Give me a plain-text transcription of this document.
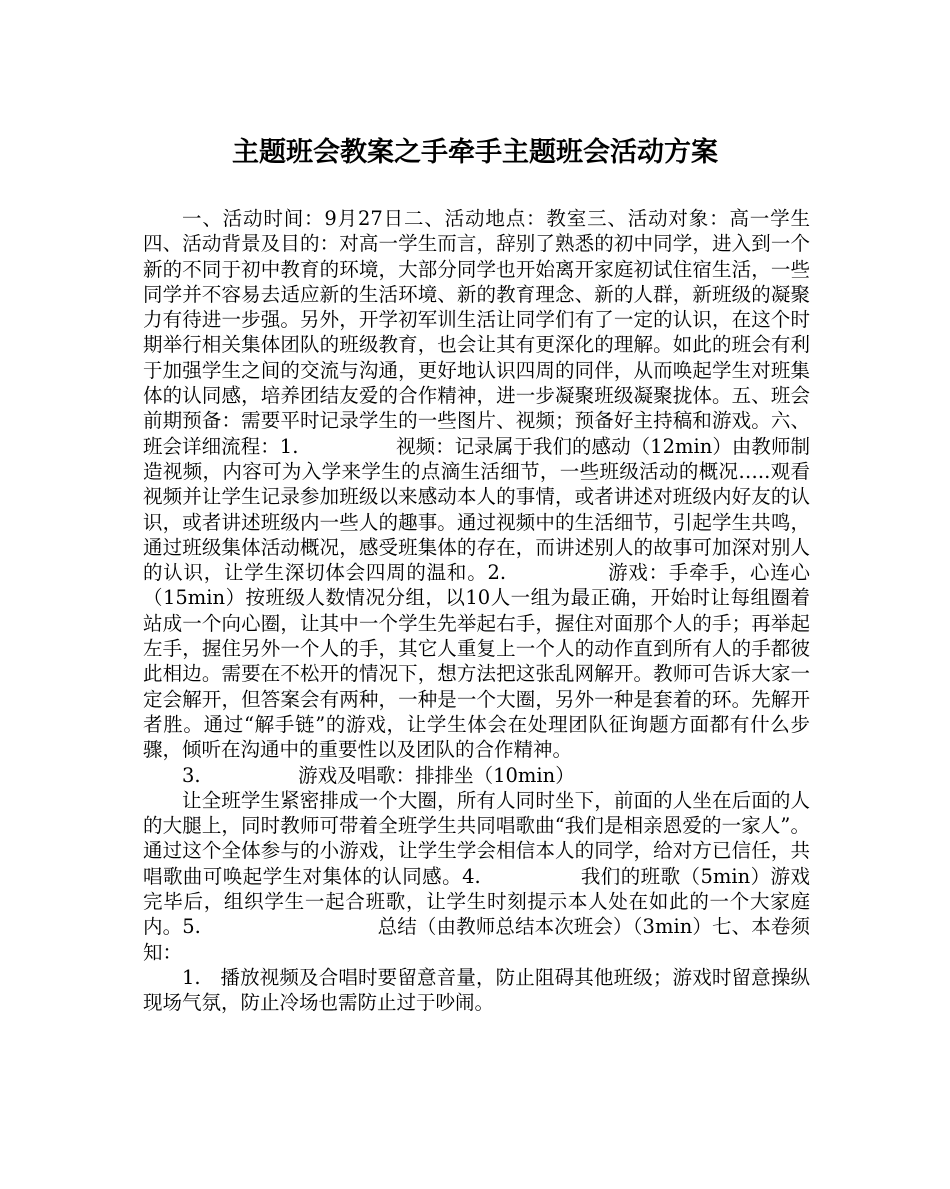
主题班会教案之手牵手主题班会活动方案

一、活动时间：9月27日二、活动地点：教室三、活动对象：高一学生四、活动背景及目的：对高一学生而言，辞别了熟悉的初中同学，进入到一个新的不同于初中教育的环境，大部分同学也开始离开家庭初试住宿生活，一些同学并不容易去适应新的生活环境、新的教育理念、新的人群，新班级的凝聚力有待进一步强。另外，开学初军训生活让同学们有了一定的认识，在这个时期举行相关集体团队的班级教育，也会让其有更深化的理解。如此的班会有利于加强学生之间的交流与沟通，更好地认识四周的同伴，从而唤起学生对班集体的认同感，培养团结友爱的合作精神，进一步凝聚班级凝聚拢体。五、班会前期预备：需要平时记录学生的一些图片、视频；预备好主持稿和游戏。六、班会详细流程：1.　　　　　视频：记录属于我们的感动（12min）由教师制造视频，内容可为入学来学生的点滴生活细节，一些班级活动的概况…..观看视频并让学生记录参加班级以来感动本人的事情，或者讲述对班级内好友的认识，或者讲述班级内一些人的趣事。通过视频中的生活细节，引起学生共鸣，通过班级集体活动概况，感受班集体的存在，而讲述别人的故事可加深对别人的认识，让学生深切体会四周的温和。2.　　　　　游戏：手牵手，心连心（15min）按班级人数情况分组，以10人一组为最正确，开始时让每组圈着站成一个向心圈，让其中一个学生先举起右手，握住对面那个人的手；再举起左手，握住另外一个人的手，其它人重复上一个人的动作直到所有人的手都彼此相边。需要在不松开的情况下，想方法把这张乱网解开。教师可告诉大家一定会解开，但答案会有两种，一种是一个大圈，另外一种是套着的环。先解开者胜。通过“解手链”的游戏，让学生体会在处理团队征询题方面都有什么步骤，倾听在沟通中的重要性以及团队的合作精神。

3.　　　　　游戏及唱歌：排排坐（10min）

让全班学生紧密排成一个大圈，所有人同时坐下，前面的人坐在后面的人的大腿上，同时教师可带着全班学生共同唱歌曲“我们是相亲恩爱的一家人”。通过这个全体参与的小游戏，让学生学会相信本人的同学，给对方已信任，共唱歌曲可唤起学生对集体的认同感。4.　　　　　我们的班歌（5min）游戏完毕后，组织学生一起合班歌，让学生时刻提示本人处在如此的一个大家庭内。5.　　　　　　　　　总结（由教师总结本次班会）（3min）七、本卷须知：

1.　播放视频及合唱时要留意音量，防止阻碍其他班级；游戏时留意操纵现场气氛，防止冷场也需防止过于吵闹。
